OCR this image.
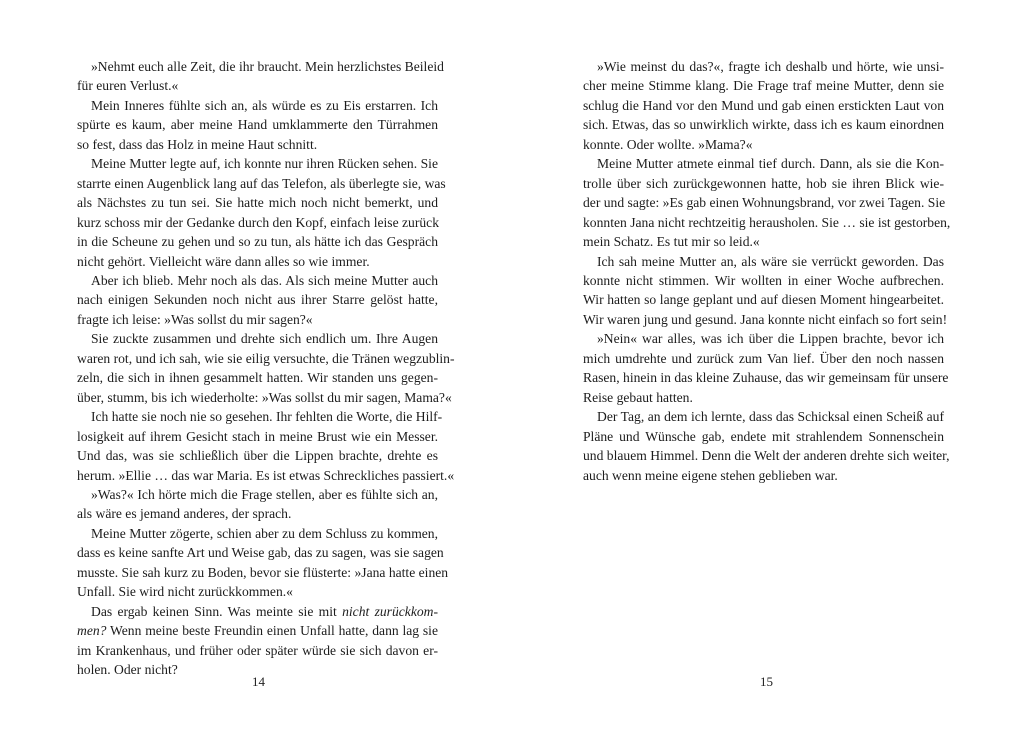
»Nehmt euch alle Zeit, die ihr braucht. Mein herzlichstes Beileid
für euren Verlust.«
Mein Inneres fühlte sich an, als würde es zu Eis erstarren. Ich
spürte es kaum, aber meine Hand umklammerte den Türrahmen
so fest, dass das Holz in meine Haut schnitt.
Meine Mutter legte auf, ich konnte nur ihren Rücken sehen. Sie
starrte einen Augenblick lang auf das Telefon, als überlegte sie, was
als Nächstes zu tun sei. Sie hatte mich noch nicht bemerkt, und
kurz schoss mir der Gedanke durch den Kopf, einfach leise zurück
in die Scheune zu gehen und so zu tun, als hätte ich das Gespräch
nicht gehört. Vielleicht wäre dann alles so wie immer.
Aber ich blieb. Mehr noch als das. Als sich meine Mutter auch
nach einigen Sekunden noch nicht aus ihrer Starre gelöst hatte,
fragte ich leise: »Was sollst du mir sagen?«
Sie zuckte zusammen und drehte sich endlich um. Ihre Augen
waren rot, und ich sah, wie sie eilig versuchte, die Tränen wegzublin-
zeln, die sich in ihnen gesammelt hatten. Wir standen uns gegen-
über, stumm, bis ich wiederholte: »Was sollst du mir sagen, Mama?«
Ich hatte sie noch nie so gesehen. Ihr fehlten die Worte, die Hilf-
losigkeit auf ihrem Gesicht stach in meine Brust wie ein Messer.
Und das, was sie schließlich über die Lippen brachte, drehte es
herum. »Ellie … das war Maria. Es ist etwas Schreckliches passiert.«
»Was?« Ich hörte mich die Frage stellen, aber es fühlte sich an,
als wäre es jemand anderes, der sprach.
Meine Mutter zögerte, schien aber zu dem Schluss zu kommen,
dass es keine sanfte Art und Weise gab, das zu sagen, was sie sagen
musste. Sie sah kurz zu Boden, bevor sie flüsterte: »Jana hatte einen
Unfall. Sie wird nicht zurückkommen.«
Das ergab keinen Sinn. Was meinte sie mit nicht zurückkom-
men? Wenn meine beste Freundin einen Unfall hatte, dann lag sie
im Krankenhaus, und früher oder später würde sie sich davon er-
holen. Oder nicht?
»Wie meinst du das?«, fragte ich deshalb und hörte, wie unsi-
cher meine Stimme klang. Die Frage traf meine Mutter, denn sie
schlug die Hand vor den Mund und gab einen erstickten Laut von
sich. Etwas, das so unwirklich wirkte, dass ich es kaum einordnen
konnte. Oder wollte. »Mama?«
Meine Mutter atmete einmal tief durch. Dann, als sie die Kon-
trolle über sich zurückgewonnen hatte, hob sie ihren Blick wie-
der und sagte: »Es gab einen Wohnungsbrand, vor zwei Tagen. Sie
konnten Jana nicht rechtzeitig herausholen. Sie … sie ist gestorben,
mein Schatz. Es tut mir so leid.«
Ich sah meine Mutter an, als wäre sie verrückt geworden. Das
konnte nicht stimmen. Wir wollten in einer Woche aufbrechen.
Wir hatten so lange geplant und auf diesen Moment hingearbeitet.
Wir waren jung und gesund. Jana konnte nicht einfach so fort sein!
»Nein« war alles, was ich über die Lippen brachte, bevor ich
mich umdrehte und zurück zum Van lief. Über den noch nassen
Rasen, hinein in das kleine Zuhause, das wir gemeinsam für unsere
Reise gebaut hatten.
Der Tag, an dem ich lernte, dass das Schicksal einen Scheiß auf
Pläne und Wünsche gab, endete mit strahlendem Sonnenschein
und blauem Himmel. Denn die Welt der anderen drehte sich weiter,
auch wenn meine eigene stehen geblieben war.
14	15
